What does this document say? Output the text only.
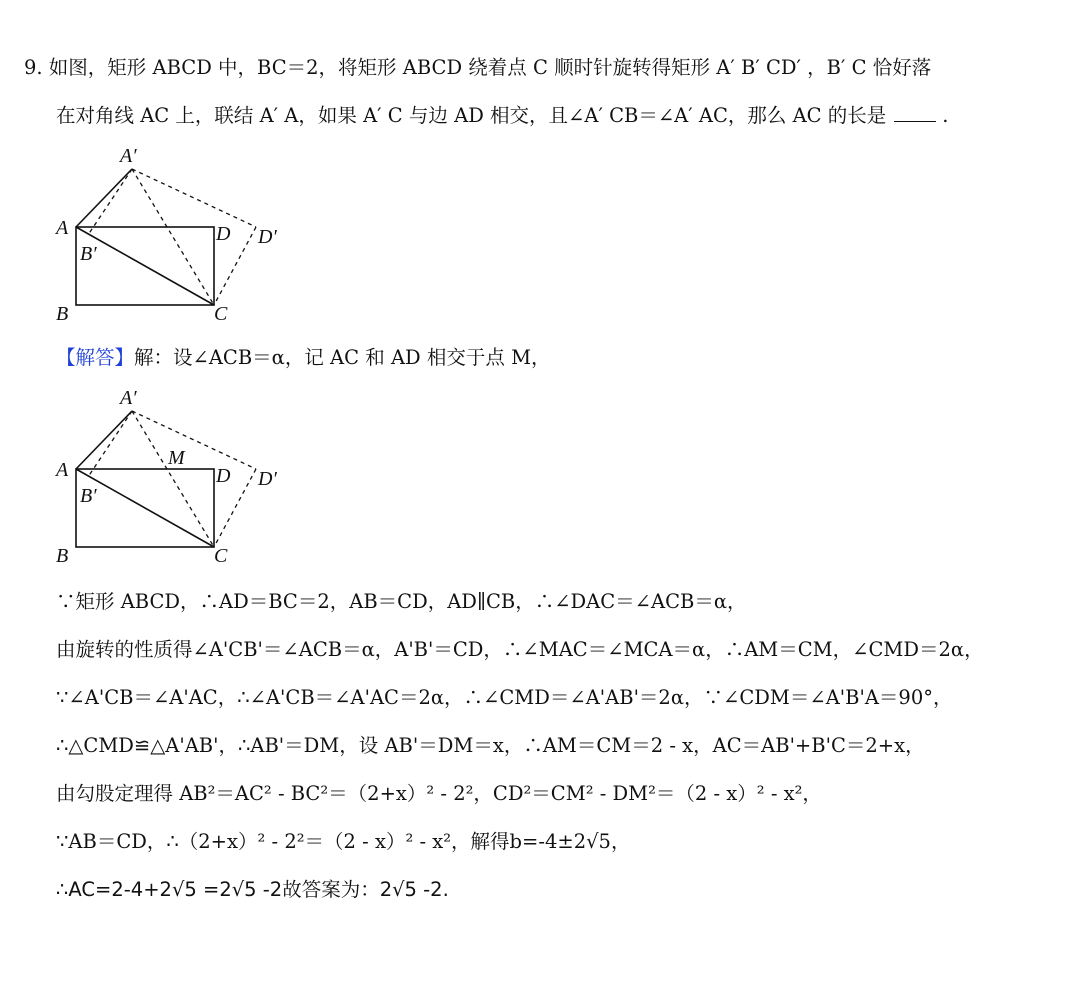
9. 如图，矩形 ABCD 中，BC＝2，将矩形 ABCD 绕着点 C 顺时针旋转得矩形 A′ B′ CD′ ，B′ C 恰好落
在对角线 AC 上，联结 A′ A，如果 A′ C 与边 AD 相交，且∠A′ CB＝∠A′ AC，那么 AC 的长是	.
A′
A
B′
D D′
B	C
【解答】解：设∠ACB＝α，记 AC 和 AD 相交于点 M，
A′
A
M
B′
D D′
B	C
∵矩形 ABCD，∴AD＝BC＝2，AB＝CD，AD∥CB，∴∠DAC＝∠ACB＝α，
由旋转的性质得∠A'CB'＝∠ACB＝α，A'B'＝CD，∴∠MAC＝∠MCA＝α，∴AM＝CM，∠CMD＝2α，
∵∠A'CB＝∠A'AC，∴∠A'CB＝∠A'AC＝2α，∴∠CMD＝∠A'AB'＝2α，∵∠CDM＝∠A'B'A＝90°，
∴△CMD≌△A'AB'，∴AB'＝DM，设 AB'＝DM＝x，∴AM＝CM＝2 - x，AC＝AB'+B'C＝2+x，
由勾股定理得 AB²＝AC² - BC²＝（2+x）² - 2²，CD²＝CM² - DM²＝（2 - x）² - x²，
∵AB＝CD，∴（2+x）² - 2²＝（2 - x）² - x²，解得b=-4±2√5，
∴AC=2-4+2√5 =2√5 -2故答案为：2√5 -2.
